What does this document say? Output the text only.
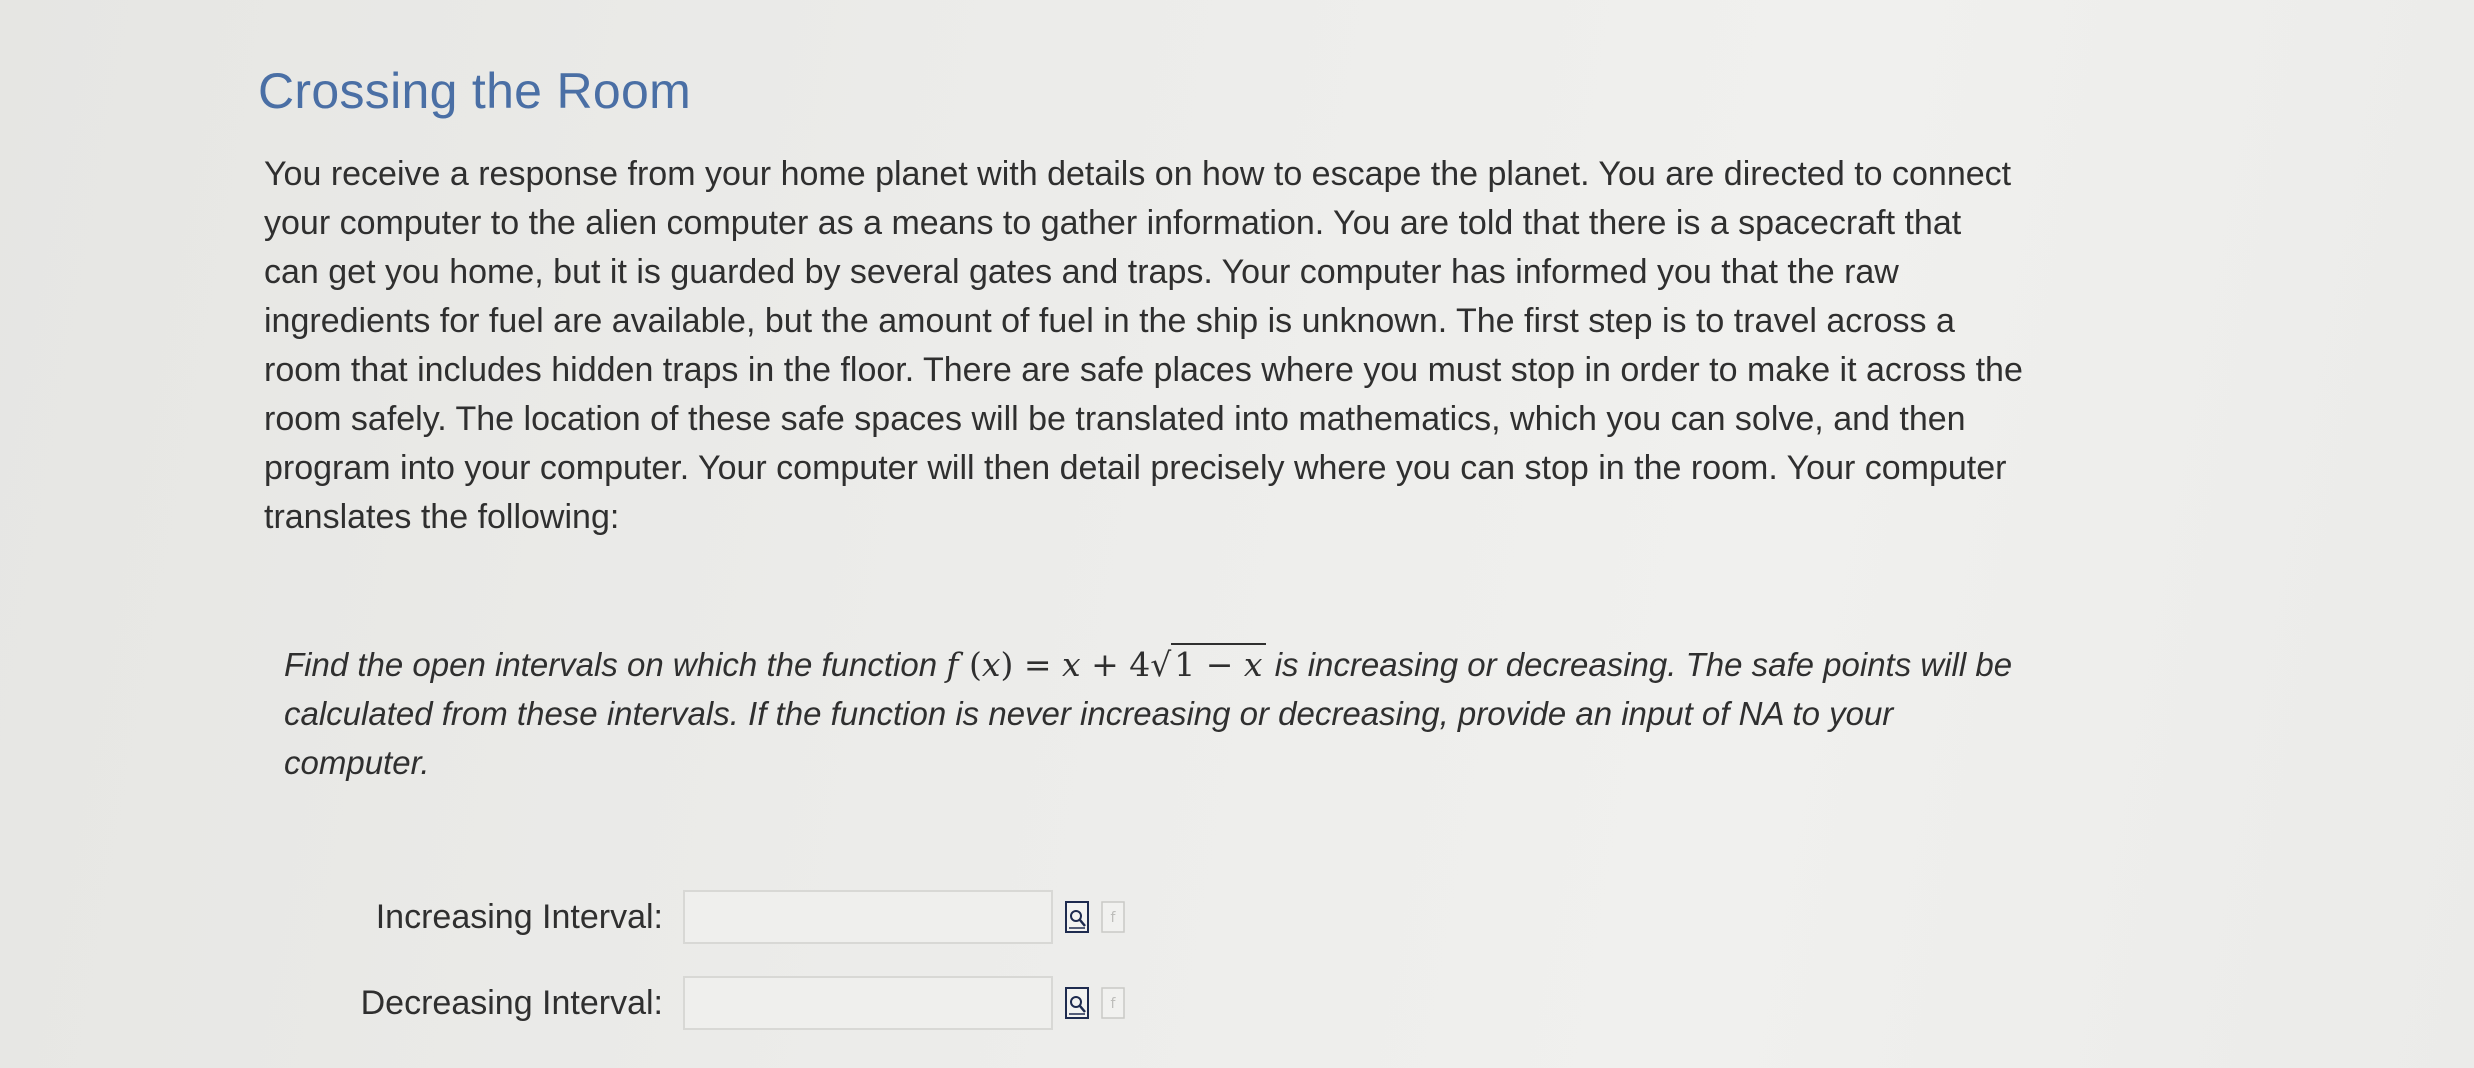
Crossing the Room

You receive a response from your home planet with details on how to escape the planet. You are directed to connect your computer to the alien computer as a means to gather information. You are told that there is a spacecraft that can get you home, but it is guarded by several gates and traps. Your computer has informed you that the raw ingredients for fuel are available, but the amount of fuel in the ship is unknown. The first step is to travel across a room that includes hidden traps in the floor. There are safe places where you must stop in order to make it across the room safely. The location of these safe spaces will be translated into mathematics, which you can solve, and then program into your computer. Your computer will then detail precisely where you can stop in the room. Your computer translates the following:

Find the open intervals on which the function f (x) = x + 4√1 − x is increasing or decreasing. The safe points will be calculated from these intervals. If the function is never increasing or decreasing, provide an input of NA to your computer.

Increasing Interval:	f
Decreasing Interval:	f
